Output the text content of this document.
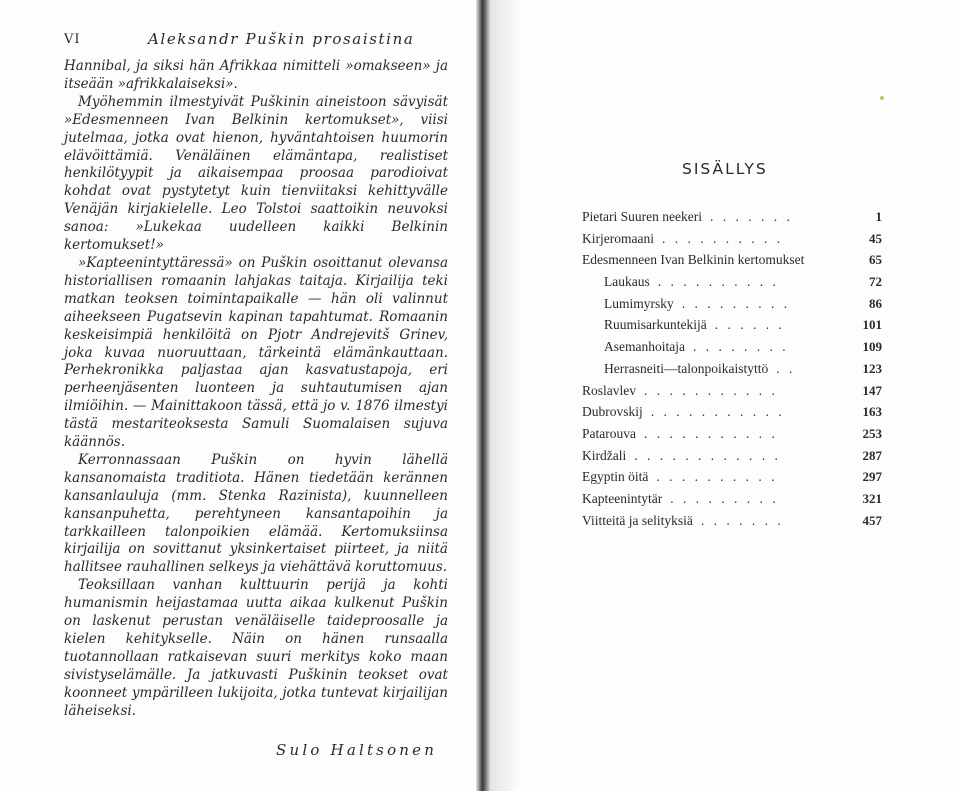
VI	Aleksandr Puškin prosaistina

Hannibal, ja siksi hän Afrikkaa nimitteli »omakseen» ja itseään »afrikkalaiseksi».

Myöhemmin ilmestyivät Puškinin aineistoon sävyisät »Edesmenneen Ivan Belkinin kertomukset», viisi jutelmaa, jotka ovat hienon, hyväntahtoisen huumorin elävöittämiä. Venäläinen elämäntapa, realistiset henkilötyypit ja aikaisempaa proosaa parodioivat kohdat ovat pystytetyt kuin tienviitaksi kehittyvälle Venäjän kirjakielelle. Leo Tolstoi saattoikin neuvoksi sanoa: »Lukekaa uudelleen kaikki Belkinin kertomukset!»

»Kapteenintyttäressä» on Puškin osoittanut olevansa historiallisen romaanin lahjakas taitaja. Kirjailija teki matkan teoksen toimintapaikalle — hän oli valinnut aiheekseen Pugatsevin kapinan tapahtumat. Romaanin keskeisimpiä henkilöitä on Pjotr Andrejevitš Grinev, joka kuvaa nuoruuttaan, tärkeintä elämänkauttaan. Perhekronikka paljastaa ajan kasvatustapoja, eri perheenjäsenten luonteen ja suhtautumisen ajan ilmiöihin. — Mainittakoon tässä, että jo v. 1876 ilmestyi tästä mestariteoksesta Samuli Suomalaisen sujuva käännös.

Kerronnassaan Puškin on hyvin lähellä kansanomaista traditiota. Hänen tiedetään kerännen kansanlauluja (mm. Stenka Razinista), kuunnelleen kansanpuhetta, perehtyneen kansantapoihin ja tarkkailleen talonpoikien elämää. Kertomuksiinsa kirjailija on sovittanut yksinkertaiset piirteet, ja niitä hallitsee rauhallinen selkeys ja viehättävä koruttomuus.

Teoksillaan vanhan kulttuurin perijä ja kohti humanismin heijastamaa uutta aikaa kulkenut Puškin on laskenut perustan venäläiselle taideproosalle ja kielen kehitykselle. Näin on hänen runsaalla tuotannollaan ratkaisevan suuri merkitys koko maan sivistyselämälle. Ja jatkuvasti Puškinin teokset ovat koonneet ympärilleen lukijoita, jotka tuntevat kirjailijan läheiseksi.

Sulo Haltsonen
SISÄLLYS
Pietari Suuren neekeri . . . . . . .	1
Kirjeromaani . . . . . . . . . .	45
Edesmenneen Ivan Belkinin kertomukset	65
Laukaus . . . . . . . . . .	72
Lumimyrsky . . . . . . . . .	86
Ruumisarkuntekijä . . . . . .	101
Asemanhoitaja . . . . . . . .	109
Herrasneiti—talonpoikaistyttö . .	123
Roslavlev . . . . . . . . . . .	147
Dubrovskij . . . . . . . . . . .	163
Patarouva . . . . . . . . . . .	253
Kirdžali . . . . . . . . . . . .	287
Egyptin öitä . . . . . . . . . .	297
Kapteenintytär . . . . . . . . .	321
Viitteitä ja selityksiä . . . . . . .	457
